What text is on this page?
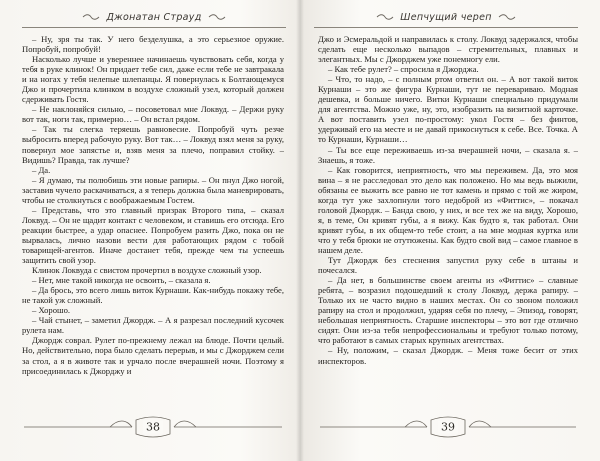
Джонатан Страуд

– Ну, зря ты так. У него безделушка, а это серьезное оружие. Попробуй, попробуй!

Насколько лучше и увереннее начинаешь чувствовать себя, когда у тебя в руке клинок! Он придает тебе сил, даже если тебе не завтракала и на ногах у тебя нелепые шлепанцы. Я повернулась к Болтающемуся Джо и прочертила клинком в воздухе сложный узел, который должен сдерживать Гостя.

– Не наклоняйся сильно, – посоветовал мне Локвуд. – Держи руку вот так, ноги так, примерно… – Он встал рядом.

– Так ты слегка теряешь равновесие. Попробуй чуть резче выбросить вперед рабочую руку. Вот так… – Локвуд взял меня за руку, повернул мое запястье и, взяв меня за плечо, поправил стойку. – Видишь? Правда, так лучше?

– Да.

– Я думаю, ты полюбишь эти новые рапиры. – Он пнул Джо ногой, заставив чучело раскачиваться, а я теперь должна была маневрировать, чтобы не столкнуться с воображаемым Гостем.

– Представь, что это главный призрак Второго типа, – сказал Локвуд. – Он не щадит контакт с человеком, и ставишь его отсюда. Его реакции быстрее, а удар опаснее. Попробуем разить Джо, пока он не вырвалась, лично назови вести для работающих рядом с тобой товарищей-агентов. Иначе достанет тебя, прежде чем ты успеешь защитить свой узор.

Клинок Локвуда с свистом прочертил в воздухе сложный узор.

– Нет, мне такой никогда не освоить, – сказала я.

– Да брось, это всего лишь виток Курнаши. Как-нибудь покажу тебе, не такой уж сложный.

– Хорошо.

– Чай стынет, – заметил Джордж. – А я разрезал последний кусочек рулета нам.

Джордж соврал. Рулет по-прежнему лежал на блюде. Почти целый. Но, действительно, пора было сделать перерыв, и мы с Джорджем сели за стол, а я в животе так и урчало после вчерашней ночи. Поэтому я присоединилась к Джорджу и

38
Шепчущий череп

Джо и Эсмеральдой и направилась к столу. Локвуд задержался, чтобы сделать еще несколько выпадов – стремительных, плавных и элегантных. Мы с Джорджем уже понемногу ели.

– Как тебе рулет? – спросила я Джорджа.

– Что, то надо, – с полным ртом ответил он. – А вот такой виток Курнаши – это же фигура Курнаши, тут не перевариваю. Модная дешевка, и больше ничего. Витки Курнаши специально придумали для агентства. Можно уже, ну, это, изобразить на визитной карточке. А вот поставить узел по-простому: укол Гостя – без финтов, удерживай его на месте и не давай прикоснуться к себе. Все. Точка. А то Курнаши, Курнаши…

– Ты все еще переживаешь из-за вчерашней ночи, – сказала я. – Знаешь, я тоже.

– Как говорится, неприятность, что мы переживем. Да, это моя вина – я не расследовал это дело как положено. Но мы ведь выжили, обязаны ее выжить все равно не тот камень и прямо с той же жиром, когда тут уже захлопнули того недоброй из «Фиттис», – покачал головой Джордж. – Банда свою, у них, и все тех же на виду, Хорошо, я, в теме, Он кривят губы, а я вижу. Как будто я, так работал. Они кривят губы, в их общем-то тебе стоит, а на мне модная куртка или что у тебя брюки не отутюжены. Как будто свой вид – самое главное в нашем деле.

Тут Джордж без стеснения запустил руку себе в штаны и почесался.

– Да нет, в большинстве своем агенты из «Фиттис» – славные ребята, – возразил подошедший к столу Локвуд, держа рапиру. – Только их не часто видно в наших местах. Он со звоном положил рапиру на стол и продолжил, ударяя себя по плечу, – Эпизод, говорят, небольшая неприятность. Старшие инспекторы – это вот где отлично сидят. Они из-за тебя непрофессиональны и требуют только потому, что работают в самых старых крупных агентствах.

– Ну, положим, – сказал Джордж. – Меня тоже бесит от этих инспекторов.

39
